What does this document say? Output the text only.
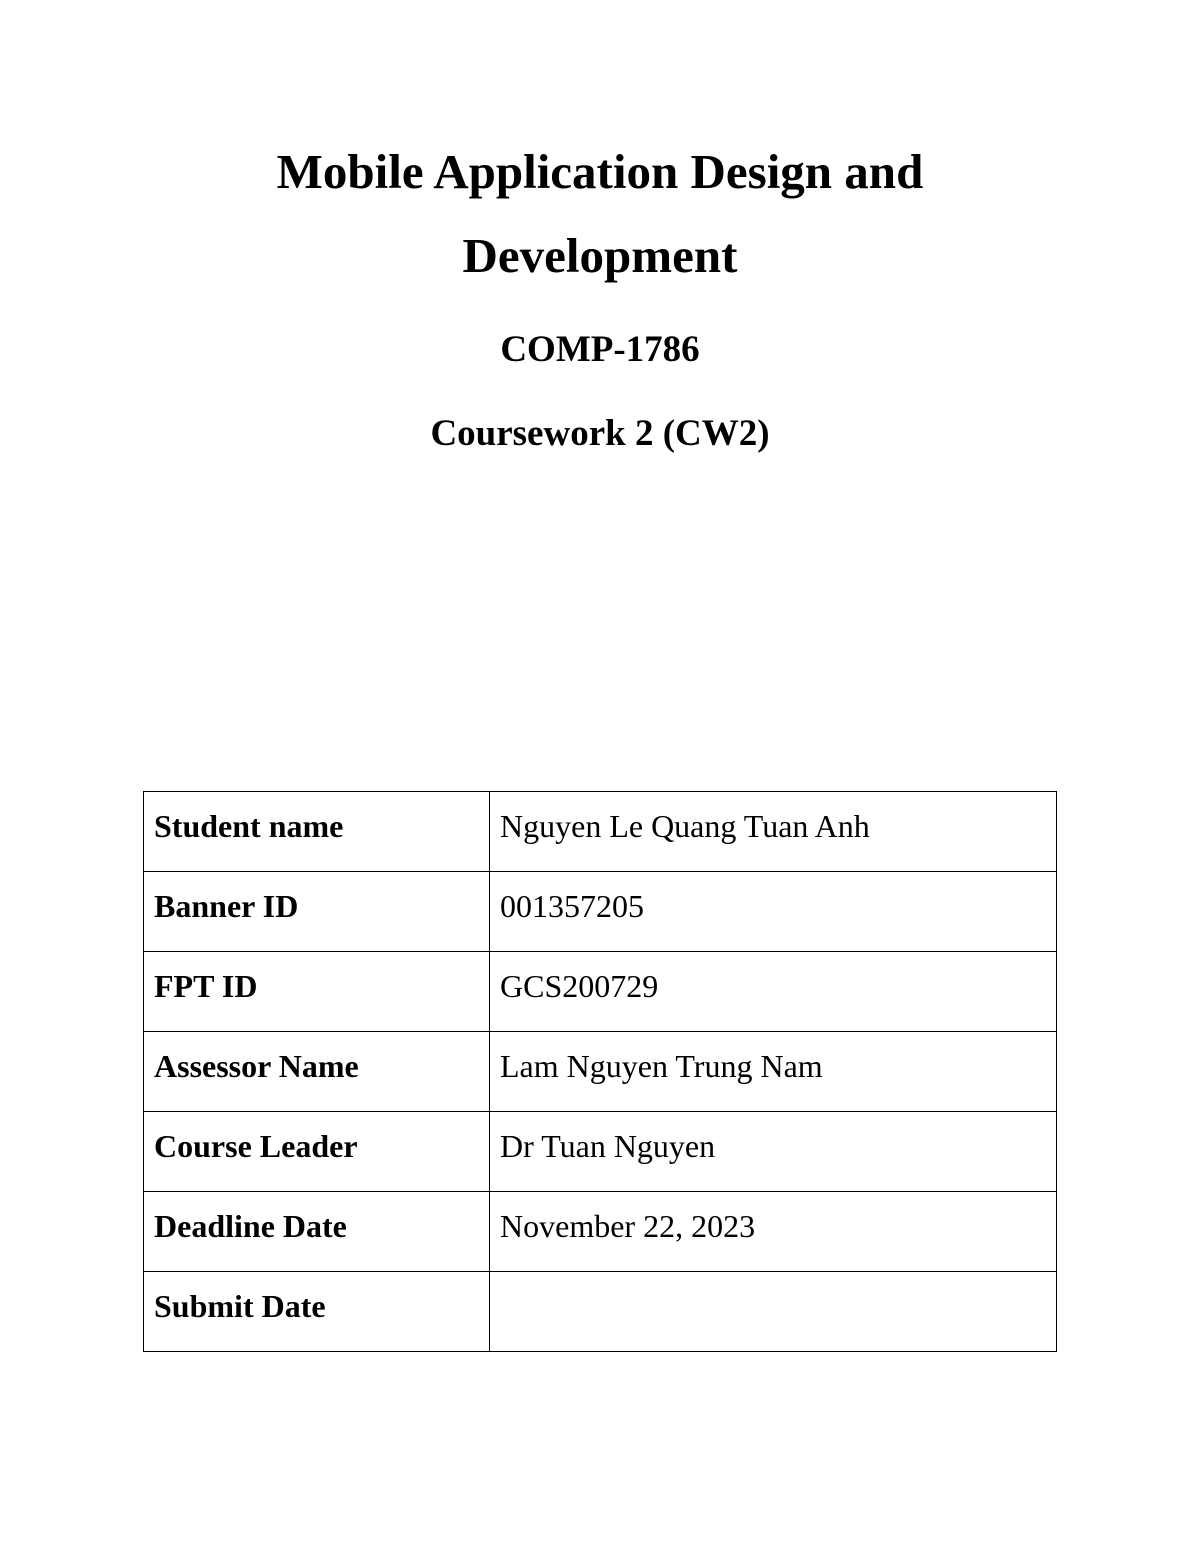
Mobile Application Design and
Development
COMP-1786
Coursework 2 (CW2)
Student name	Nguyen Le Quang Tuan Anh
Banner ID	001357205
FPT ID	GCS200729
Assessor Name	Lam Nguyen Trung Nam
Course Leader	Dr Tuan Nguyen
Deadline Date	November 22, 2023
Submit Date	
